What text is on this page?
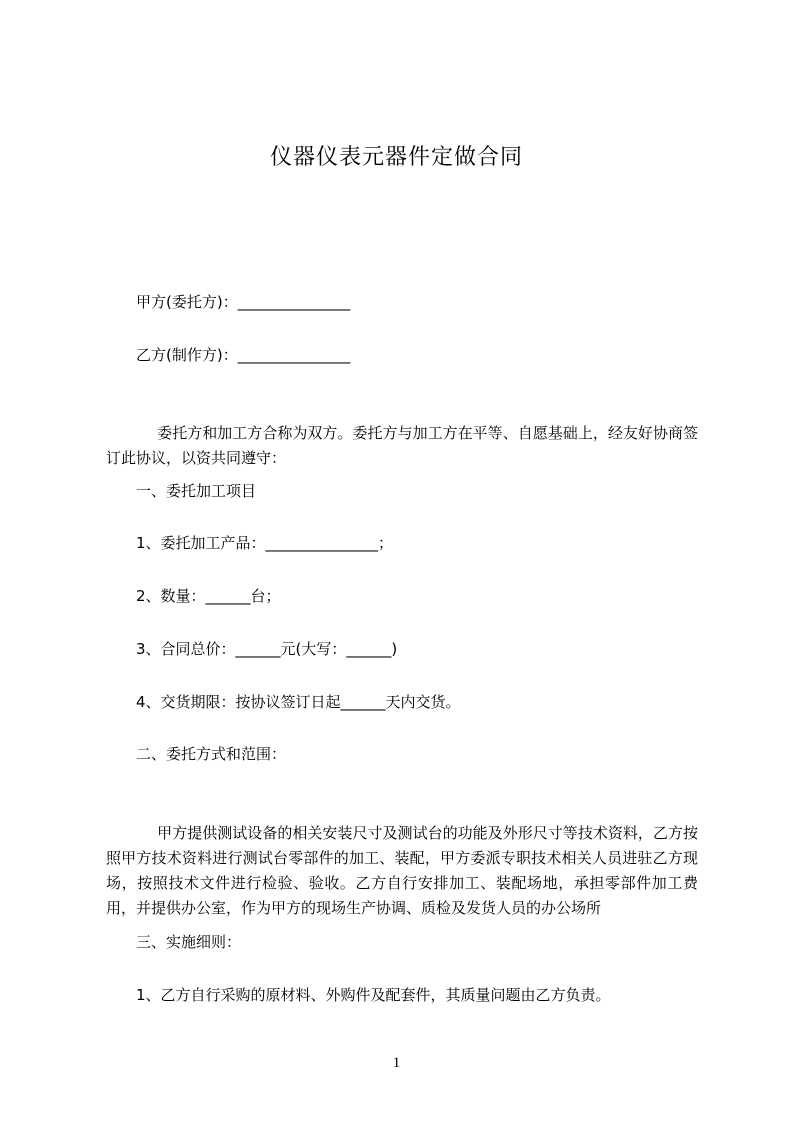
仪器仪表元器件定做合同
甲方(委托方)：_______________
乙方(制作方)：_______________

委托方和加工方合称为双方。委托方与加工方在平等、自愿基础上，经友好协商签订此协议，以资共同遵守：

一、委托加工项目
1、委托加工产品：_______________；
2、数量：______台；
3、合同总价：______元(大写：______)
4、交货期限：按协议签订日起______天内交货。
二、委托方式和范围：

甲方提供测试设备的相关安装尺寸及测试台的功能及外形尺寸等技术资料，乙方按照甲方技术资料进行测试台零部件的加工、装配，甲方委派专职技术相关人员进驻乙方现场，按照技术文件进行检验、验收。乙方自行安排加工、装配场地，承担零部件加工费用，并提供办公室，作为甲方的现场生产协调、质检及发货人员的办公场所

三、实施细则：
1、乙方自行采购的原材料、外购件及配套件，其质量问题由乙方负责。
1
